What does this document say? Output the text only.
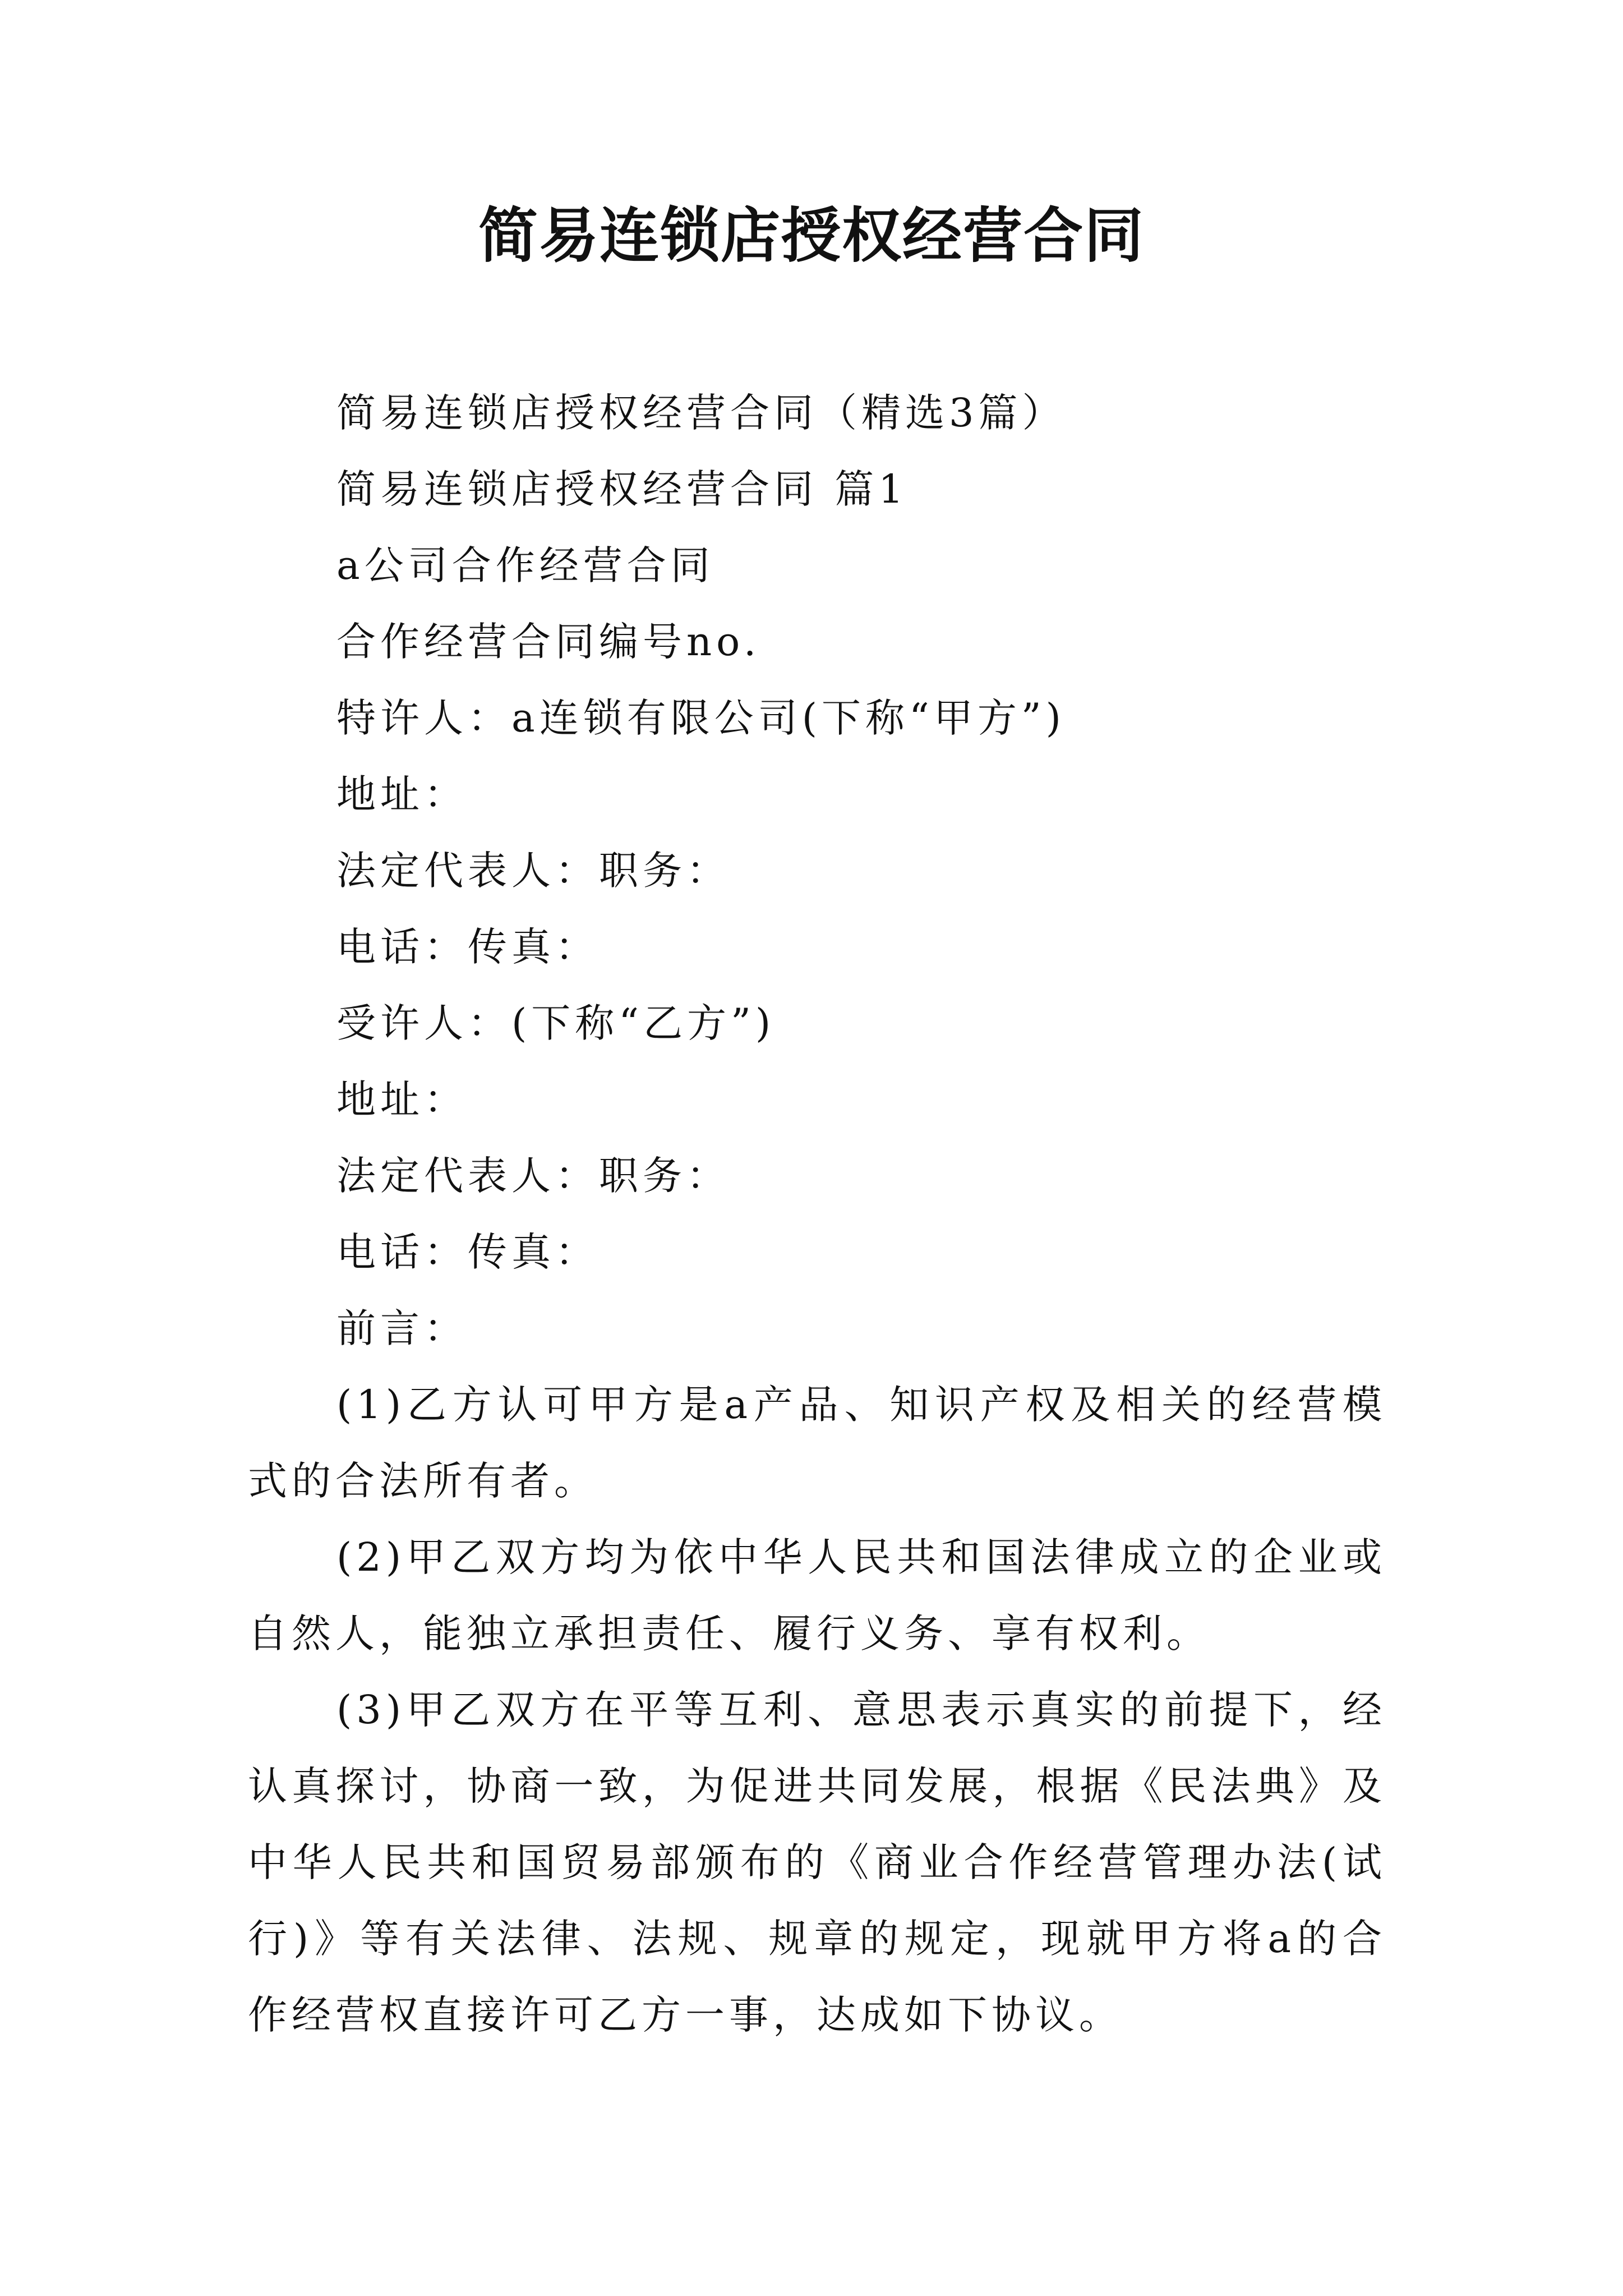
简易连锁店授权经营合同

简易连锁店授权经营合同（精选3篇）

简易连锁店授权经营合同 篇1

a公司合作经营合同

合作经营合同编号no.

特许人：a连锁有限公司(下称“甲方”)

地址：

法定代表人：职务：

电话：传真：

受许人：(下称“乙方”)

地址：

法定代表人：职务：

电话：传真：

前言：

(1)乙方认可甲方是a产品、知识产权及相关的经营模式的合法所有者。

(2)甲乙双方均为依中华人民共和国法律成立的企业或自然人，能独立承担责任、履行义务、享有权利。

(3)甲乙双方在平等互利、意思表示真实的前提下，经认真探讨，协商一致，为促进共同发展，根据《民法典》及中华人民共和国贸易部颁布的《商业合作经营管理办法(试行)》等有关法律、法规、规章的规定，现就甲方将a的合作经营权直接许可乙方一事，达成如下协议。
